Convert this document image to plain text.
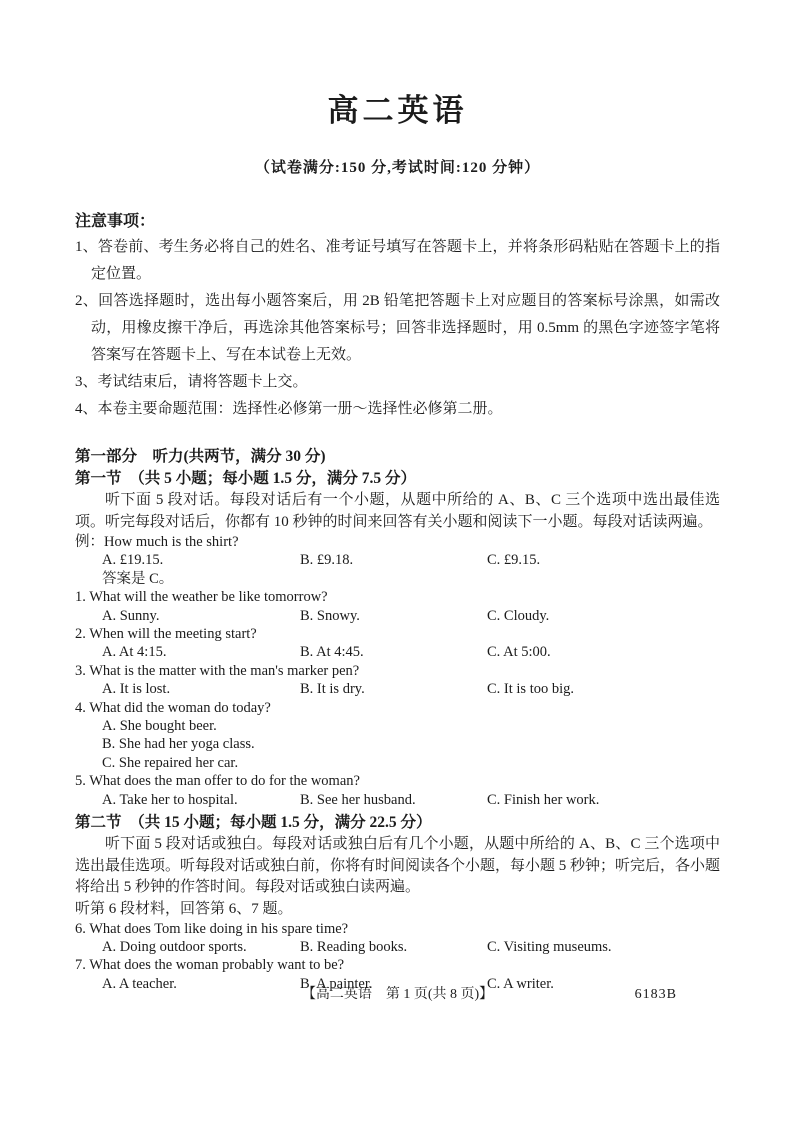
高二英语
（试卷满分:150 分,考试时间:120 分钟）
注意事项：
1、答卷前、考生务必将自己的姓名、准考证号填写在答题卡上，并将条形码粘贴在答题卡上的指定位置。
2、回答选择题时，选出每小题答案后，用 2B 铅笔把答题卡上对应题目的答案标号涂黑，如需改动，用橡皮擦干净后，再选涂其他答案标号；回答非选择题时，用 0.5mm 的黑色字迹签字笔将答案写在答题卡上、写在本试卷上无效。
3、考试结束后，请将答题卡上交。
4、本卷主要命题范围：选择性必修第一册～选择性必修第二册。
第一部分　听力(共两节，满分 30 分)
第一节　（共 5 小题；每小题 1.5 分，满分 7.5 分）

听下面 5 段对话。每段对话后有一个小题，从题中所给的 A、B、C 三个选项中选出最佳选项。听完每段对话后，你都有 10 秒钟的时间来回答有关小题和阅读下一小题。每段对话读两遍。

例：How much is the shirt?
A. £19.15.	B. £9.18.	C. £9.15.
答案是 C。
1. What will the weather be like tomorrow?
A. Sunny.	B. Snowy.	C. Cloudy.
2. When will the meeting start?
A. At 4:15.	B. At 4:45.	C. At 5:00.
3. What is the matter with the man's marker pen?
A. It is lost.	B. It is dry.	C. It is too big.
4. What did the woman do today?
A. She bought beer.
B. She had her yoga class.
C. She repaired her car.
5. What does the man offer to do for the woman?
A. Take her to hospital.	B. See her husband.	C. Finish her work.
第二节　（共 15 小题；每小题 1.5 分，满分 22.5 分）

听下面 5 段对话或独白。每段对话或独白后有几个小题，从题中所给的 A、B、C 三个选项中选出最佳选项。听每段对话或独白前，你将有时间阅读各个小题，每小题 5 秒钟；听完后，各小题将给出 5 秒钟的作答时间。每段对话或独白读两遍。

听第 6 段材料，回答第 6、7 题。
6. What does Tom like doing in his spare time?
A. Doing outdoor sports.	B. Reading books.	C. Visiting museums.
7. What does the woman probably want to be?
A. A teacher.	B. A painter.	C. A writer.
【高二英语　第 1 页(共 8 页)】	6183B
